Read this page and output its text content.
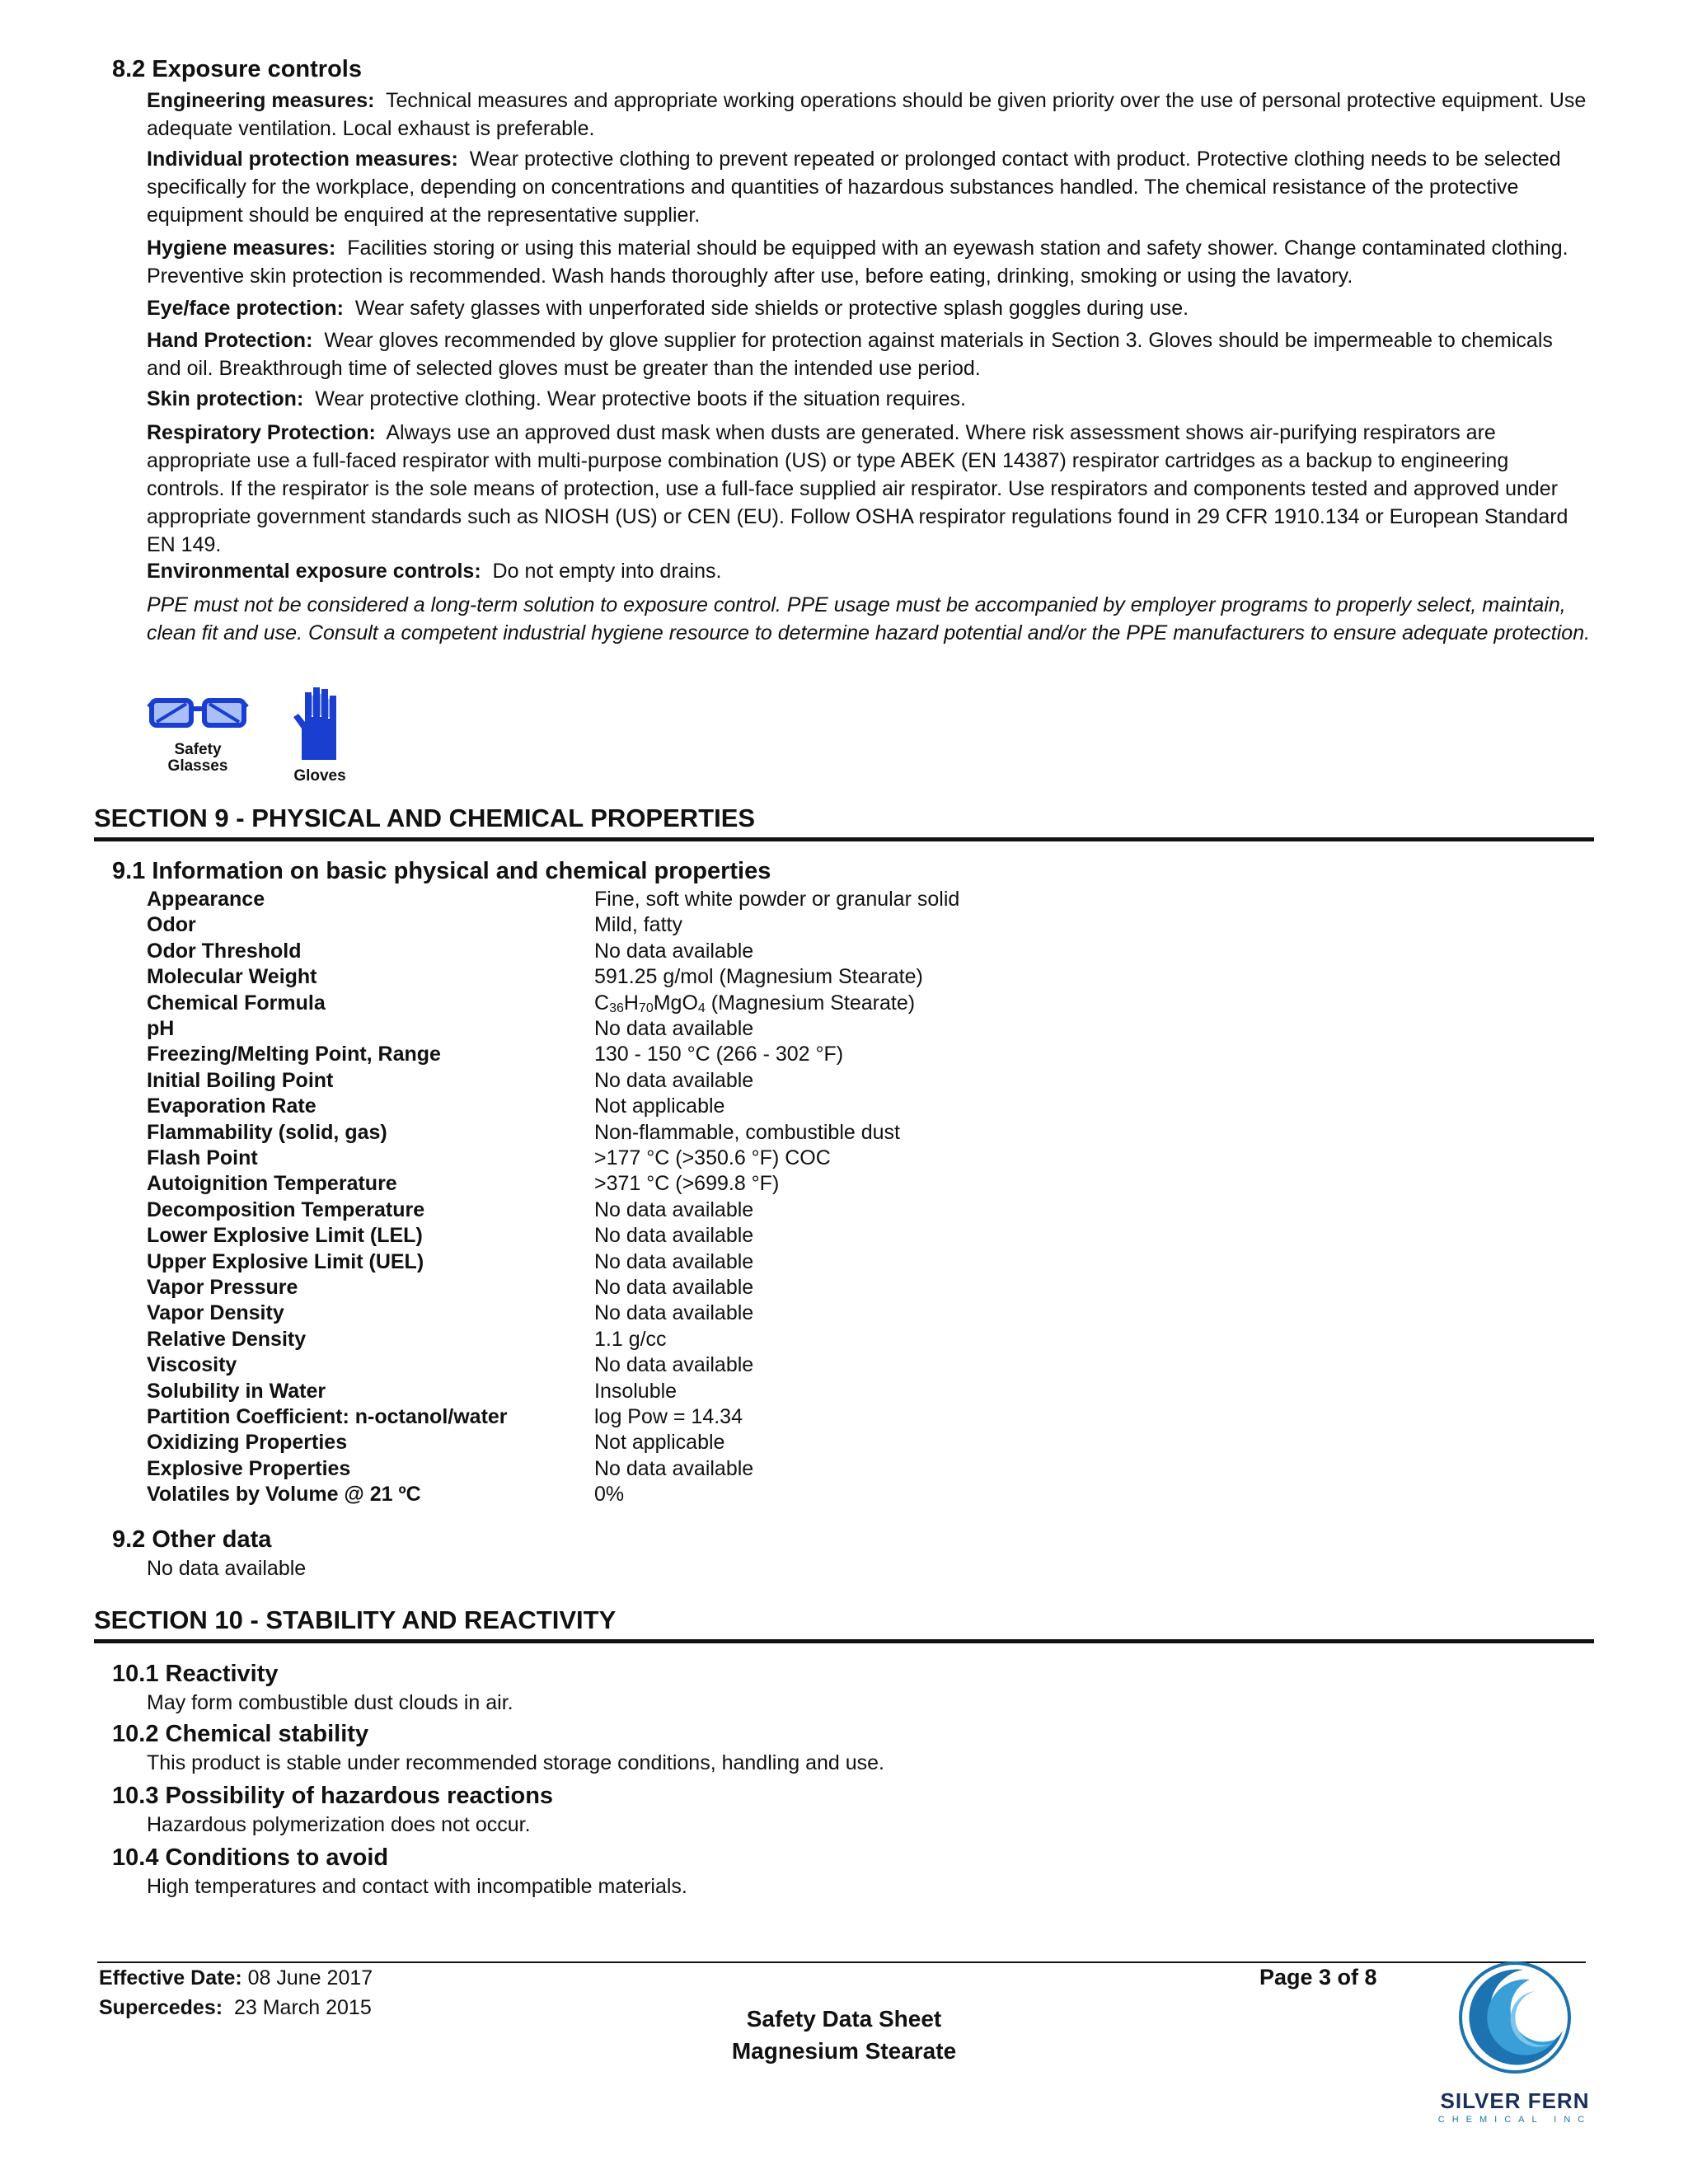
8.2 Exposure controls
Engineering measures: Technical measures and appropriate working operations should be given priority over the use of personal protective equipment. Use adequate ventilation. Local exhaust is preferable.
Individual protection measures: Wear protective clothing to prevent repeated or prolonged contact with product. Protective clothing needs to be selected specifically for the workplace, depending on concentrations and quantities of hazardous substances handled. The chemical resistance of the protective equipment should be enquired at the representative supplier.
Hygiene measures: Facilities storing or using this material should be equipped with an eyewash station and safety shower. Change contaminated clothing. Preventive skin protection is recommended. Wash hands thoroughly after use, before eating, drinking, smoking or using the lavatory.
Eye/face protection: Wear safety glasses with unperforated side shields or protective splash goggles during use.
Hand Protection: Wear gloves recommended by glove supplier for protection against materials in Section 3. Gloves should be impermeable to chemicals and oil. Breakthrough time of selected gloves must be greater than the intended use period.
Skin protection: Wear protective clothing. Wear protective boots if the situation requires.
Respiratory Protection: Always use an approved dust mask when dusts are generated. Where risk assessment shows air-purifying respirators are appropriate use a full-faced respirator with multi-purpose combination (US) or type ABEK (EN 14387) respirator cartridges as a backup to engineering controls. If the respirator is the sole means of protection, use a full-face supplied air respirator. Use respirators and components tested and approved under appropriate government standards such as NIOSH (US) or CEN (EU). Follow OSHA respirator regulations found in 29 CFR 1910.134 or European Standard EN 149.
Environmental exposure controls: Do not empty into drains.
PPE must not be considered a long-term solution to exposure control. PPE usage must be accompanied by employer programs to properly select, maintain, clean fit and use. Consult a competent industrial hygiene resource to determine hazard potential and/or the PPE manufacturers to ensure adequate protection.
Safety
Glasses
Gloves
SECTION 9 - PHYSICAL AND CHEMICAL PROPERTIES
9.1 Information on basic physical and chemical properties
Appearance	Fine, soft white powder or granular solid
Odor	Mild, fatty
Odor Threshold	No data available
Molecular Weight	591.25 g/mol (Magnesium Stearate)
Chemical Formula	$C_{36}H_{70}MgO_4$ (Magnesium Stearate)
pH	No data available
Freezing/Melting Point, Range	130 - 150 °C (266 - 302 °F)
Initial Boiling Point	No data available
Evaporation Rate	Not applicable
Flammability (solid, gas)	Non-flammable, combustible dust
Flash Point	>177 °C (>350.6 °F) COC
Autoignition Temperature	>371 °C (>699.8 °F)
Decomposition Temperature	No data available
Lower Explosive Limit (LEL)	No data available
Upper Explosive Limit (UEL)	No data available
Vapor Pressure	No data available
Vapor Density	No data available
Relative Density	1.1 g/cc
Viscosity	No data available
Solubility in Water	Insoluble
Partition Coefficient: n-octanol/water	log Pow = 14.34
Oxidizing Properties	Not applicable
Explosive Properties	No data available
Volatiles by Volume @ 21 ºC	0%
9.2 Other data
No data available
SECTION 10 - STABILITY AND REACTIVITY
10.1 Reactivity
May form combustible dust clouds in air.
10.2 Chemical stability
This product is stable under recommended storage conditions, handling and use.
10.3 Possibility of hazardous reactions
Hazardous polymerization does not occur.
10.4 Conditions to avoid
High temperatures and contact with incompatible materials.
Effective Date: 08 June 2017
Supercedes: 23 March 2015	Safety Data Sheet
Magnesium Stearate
Page 3 of 8
SILVER FERN
CHEMICAL INC
